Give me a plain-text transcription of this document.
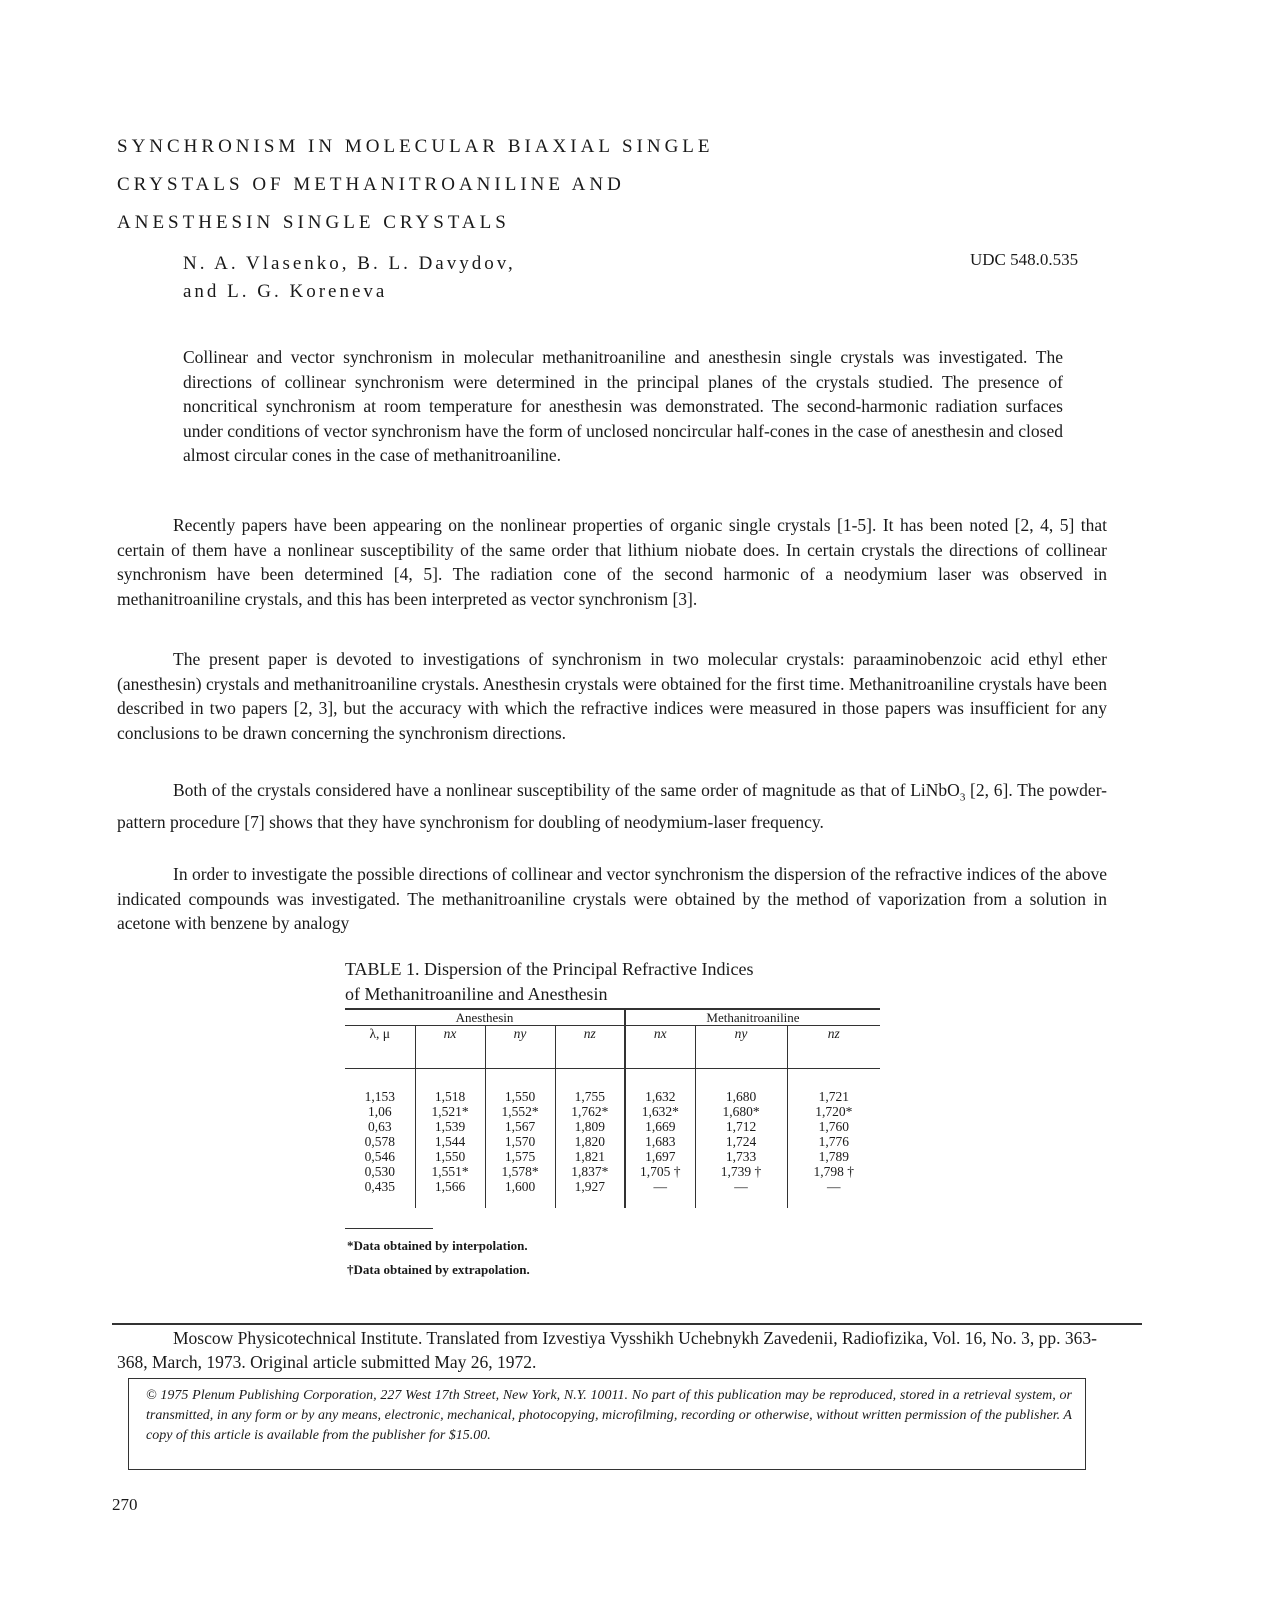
SYNCHRONISM IN MOLECULAR BIAXIAL SINGLE
CRYSTALS OF METHANITROANILINE AND
ANESTHESIN SINGLE CRYSTALS
N. A. Vlasenko, B. L. Davydov,
and L. G. Koreneva
UDC 548.0.535
Collinear and vector synchronism in molecular methanitroaniline and anesthesin single crystals was investigated. The directions of collinear synchronism were determined in the principal planes of the crystals studied. The presence of noncritical synchronism at room temperature for anesthesin was demonstrated. The second-harmonic radiation surfaces under conditions of vector synchronism have the form of unclosed noncircular half-cones in the case of anesthesin and closed almost circular cones in the case of methanitroaniline.

Recently papers have been appearing on the nonlinear properties of organic single crystals [1-5]. It has been noted [2, 4, 5] that certain of them have a nonlinear susceptibility of the same order that lithium niobate does. In certain crystals the directions of collinear synchronism have been determined [4, 5]. The radiation cone of the second harmonic of a neodymium laser was observed in methanitroaniline crystals, and this has been interpreted as vector synchronism [3].

The present paper is devoted to investigations of synchronism in two molecular crystals: paraaminobenzoic acid ethyl ether (anesthesin) crystals and methanitroaniline crystals. Anesthesin crystals were obtained for the first time. Methanitroaniline crystals have been described in two papers [2, 3], but the accuracy with which the refractive indices were measured in those papers was insufficient for any conclusions to be drawn concerning the synchronism directions.

Both of the crystals considered have a nonlinear susceptibility of the same order of magnitude as that of LiNbO$_3$ [2, 6]. The powder-pattern procedure [7] shows that they have synchronism for doubling of neodymium-laser frequency.

In order to investigate the possible directions of collinear and vector synchronism the dispersion of the refractive indices of the above indicated compounds was investigated. The methanitroaniline crystals were obtained by the method of vaporization from a solution in acetone with benzene by analogy

TABLE 1. Dispersion of the Principal Refractive Indices
of Methanitroaniline and Anesthesin
Anesthesin				Methanitroaniline		
λ, μ	nx	ny	nz	nx	ny	nz
1,153	1,518	1,550	1,755	1,632	1,680	1,721
1,06	1,521*	1,552*	1,762*	1,632*	1,680*	1,720*
0,63	1,539	1,567	1,809	1,669	1,712	1,760
0,578	1,544	1,570	1,820	1,683	1,724	1,776
0,546	1,550	1,575	1,821	1,697	1,733	1,789
0,530	1,551*	1,578*	1,837*	1,705 †	1,739 †	1,798 †
0,435	1,566	1,600	1,927	—	—	—
*Data obtained by interpolation.
†Data obtained by extrapolation.
Moscow Physicotechnical Institute. Translated from Izvestiya Vysshikh Uchebnykh Zavedenii, Radiofizika, Vol. 16, No. 3, pp. 363-368, March, 1973. Original article submitted May 26, 1972.
© 1975 Plenum Publishing Corporation, 227 West 17th Street, New York, N.Y. 10011. No part of this publication may be reproduced, stored in a retrieval system, or transmitted, in any form or by any means, electronic, mechanical, photocopying, microfilming, recording or otherwise, without written permission of the publisher. A copy of this article is available from the publisher for $15.00.
270
